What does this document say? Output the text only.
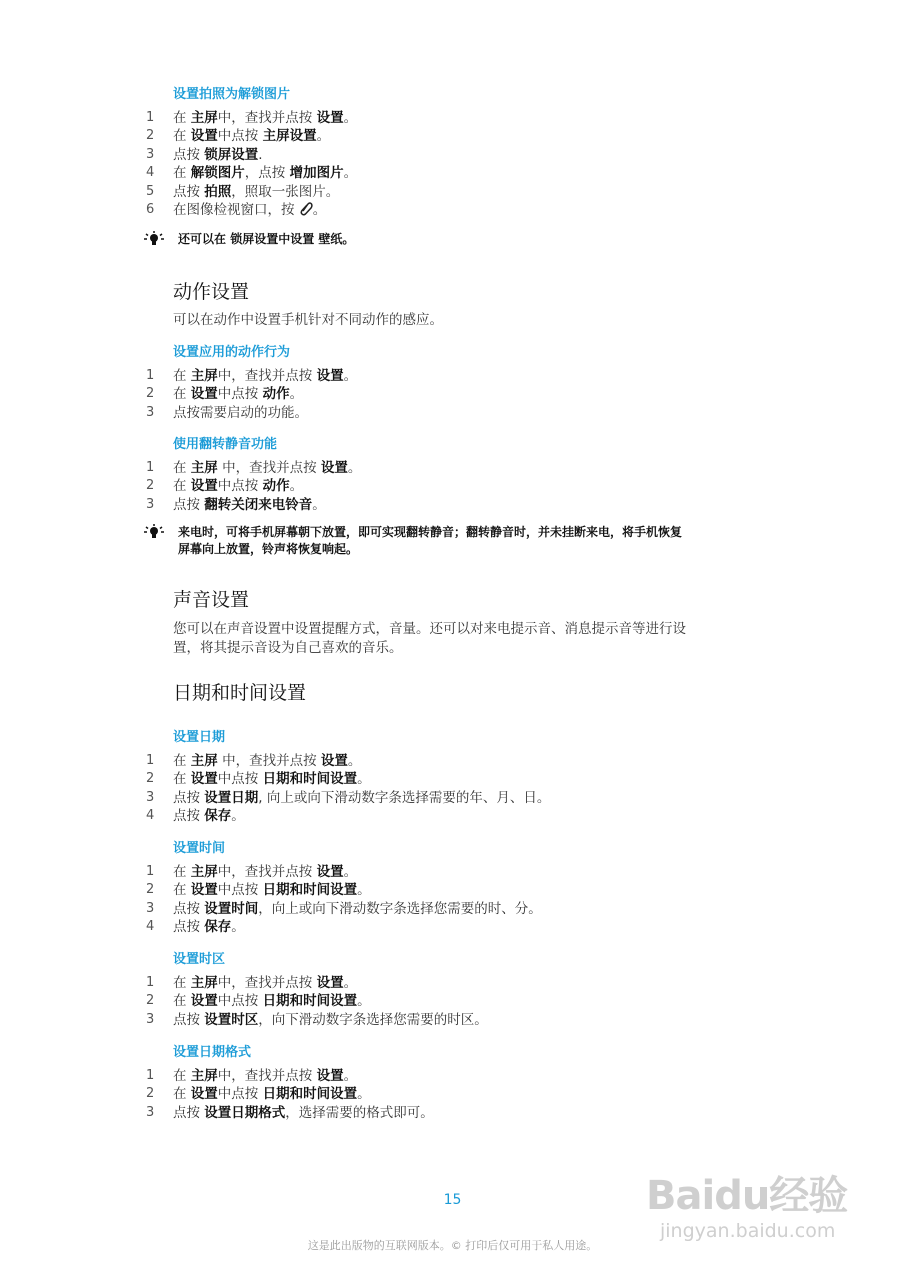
设置拍照为解锁图片
1	在 主屏中，查找并点按 设置。
2	在 设置中点按 主屏设置。
3	点按 锁屏设置.
4	在 解锁图片，点按 增加图片。
5	点按 拍照，照取一张图片。
6	在图像检视窗口，按 。
还可以在 锁屏设置中设置 壁纸。
动作设置
可以在动作中设置手机针对不同动作的感应。
设置应用的动作行为
1	在 主屏中，查找并点按 设置。
2	在 设置中点按 动作。
3	点按需要启动的功能。
使用翻转静音功能
1	在 主屏 中，查找并点按 设置。
2	在 设置中点按 动作。
3	点按 翻转关闭来电铃音。
来电时，可将手机屏幕朝下放置，即可实现翻转静音；翻转静音时，并未挂断来电，将手机恢复
屏幕向上放置，铃声将恢复响起。
声音设置
您可以在声音设置中设置提醒方式，音量。还可以对来电提示音、消息提示音等进行设
置，将其提示音设为自己喜欢的音乐。
日期和时间设置
设置日期
1	在 主屏 中，查找并点按 设置。
2	在 设置中点按 日期和时间设置。
3	点按 设置日期, 向上或向下滑动数字条选择需要的年、月、日。
4	点按 保存。
设置时间
1	在 主屏中，查找并点按 设置。
2	在 设置中点按 日期和时间设置。
3	点按 设置时间，向上或向下滑动数字条选择您需要的时、分。
4	点按 保存。
设置时区
1	在 主屏中，查找并点按 设置。
2	在 设置中点按 日期和时间设置。
3	点按 设置时区，向下滑动数字条选择您需要的时区。
设置日期格式
1	在 主屏中，查找并点按 设置。
2	在 设置中点按 日期和时间设置。
3	点按 设置日期格式，选择需要的格式即可。
15
这是此出版物的互联网版本。© 打印后仅可用于私人用途。
Baidu经验
jingyan.baidu.com
